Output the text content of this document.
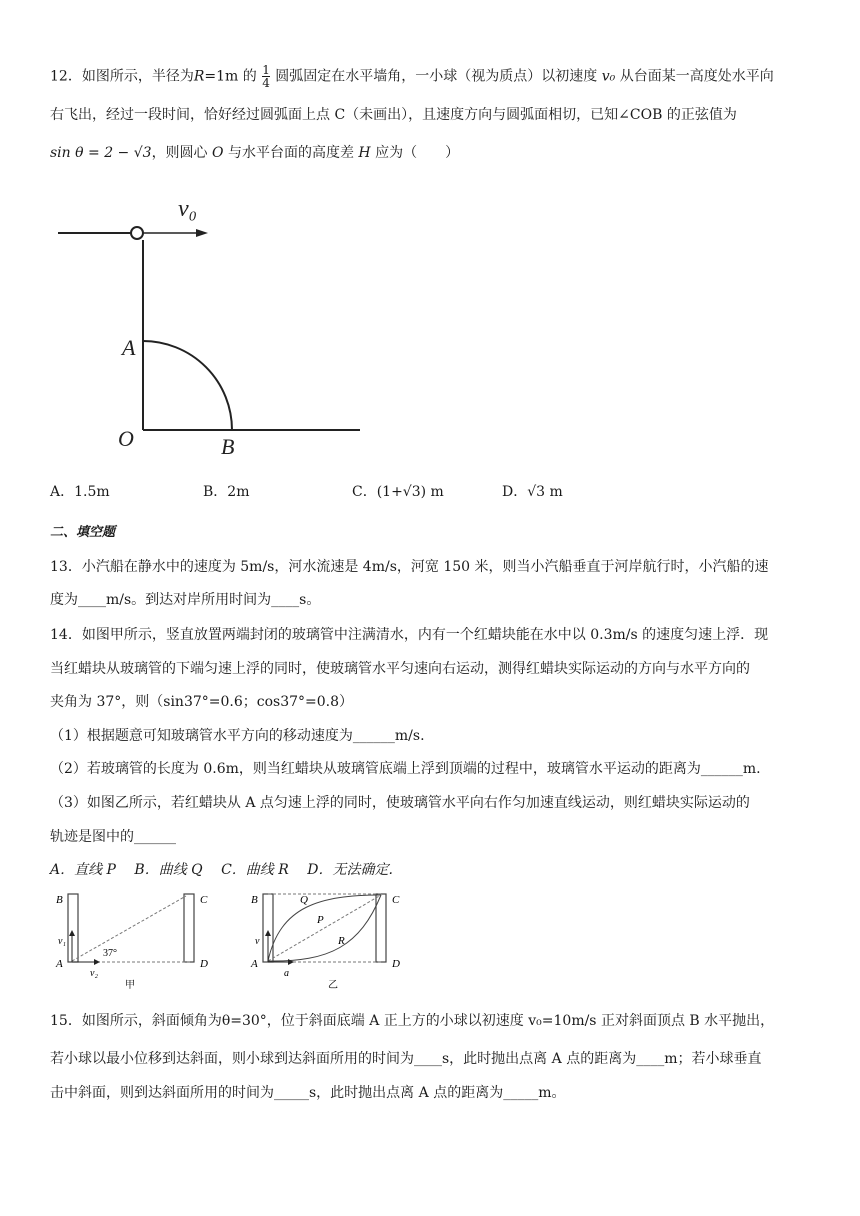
12．如图所示，半径为R=1m 的 $\frac{1}{4}$ 圆弧固定在水平墙角，一小球（视为质点）以初速度 v₀ 从台面某一高度处水平向
右飞出，经过一段时间，恰好经过圆弧面上点 C（未画出），且速度方向与圆弧面相切，已知∠COB 的正弦值为
sin θ = 2 − √3，则圆心 O 与水平台面的高度差 H 应为（　　）
v₀
A
O	B
A．1.5m	B．2m	C．(1+√3) m	D．√3 m
二、填空题
13．小汽船在静水中的速度为 5m/s，河水流速是 4m/s，河宽 150 米，则当小汽船垂直于河岸航行时，小汽船的速
度为____m/s。到达对岸所用时间为____s。
14．如图甲所示，竖直放置两端封闭的玻璃管中注满清水，内有一个红蜡块能在水中以 0.3m/s 的速度匀速上浮．现
当红蜡块从玻璃管的下端匀速上浮的同时，使玻璃管水平匀速向右运动，测得红蜡块实际运动的方向与水平方向的
夹角为 37°，则（sin37°=0.6；cos37°=0.8）
（1）根据题意可知玻璃管水平方向的移动速度为______m/s.
（2）若玻璃管的长度为 0.6m，则当红蜡块从玻璃管底端上浮到顶端的过程中，玻璃管水平运动的距离为______m.
（3）如图乙所示，若红蜡块从 A 点匀速上浮的同时，使玻璃管水平向右作匀加速直线运动，则红蜡块实际运动的
轨迹是图中的______
A．直线 P　 B．曲线 Q　 C．曲线 R　 D．无法确定.
B	C
A	D
v₁
v₂
37°
甲
B	C
A	D
Q
P
R
v
a
乙
15．如图所示，斜面倾角为θ=30°，位于斜面底端 A 正上方的小球以初速度 v₀=10m/s 正对斜面顶点 B 水平抛出，
若小球以最小位移到达斜面，则小球到达斜面所用的时间为____s，此时抛出点离 A 点的距离为____m；若小球垂直
击中斜面，则到达斜面所用的时间为_____s，此时抛出点离 A 点的距离为_____m。
